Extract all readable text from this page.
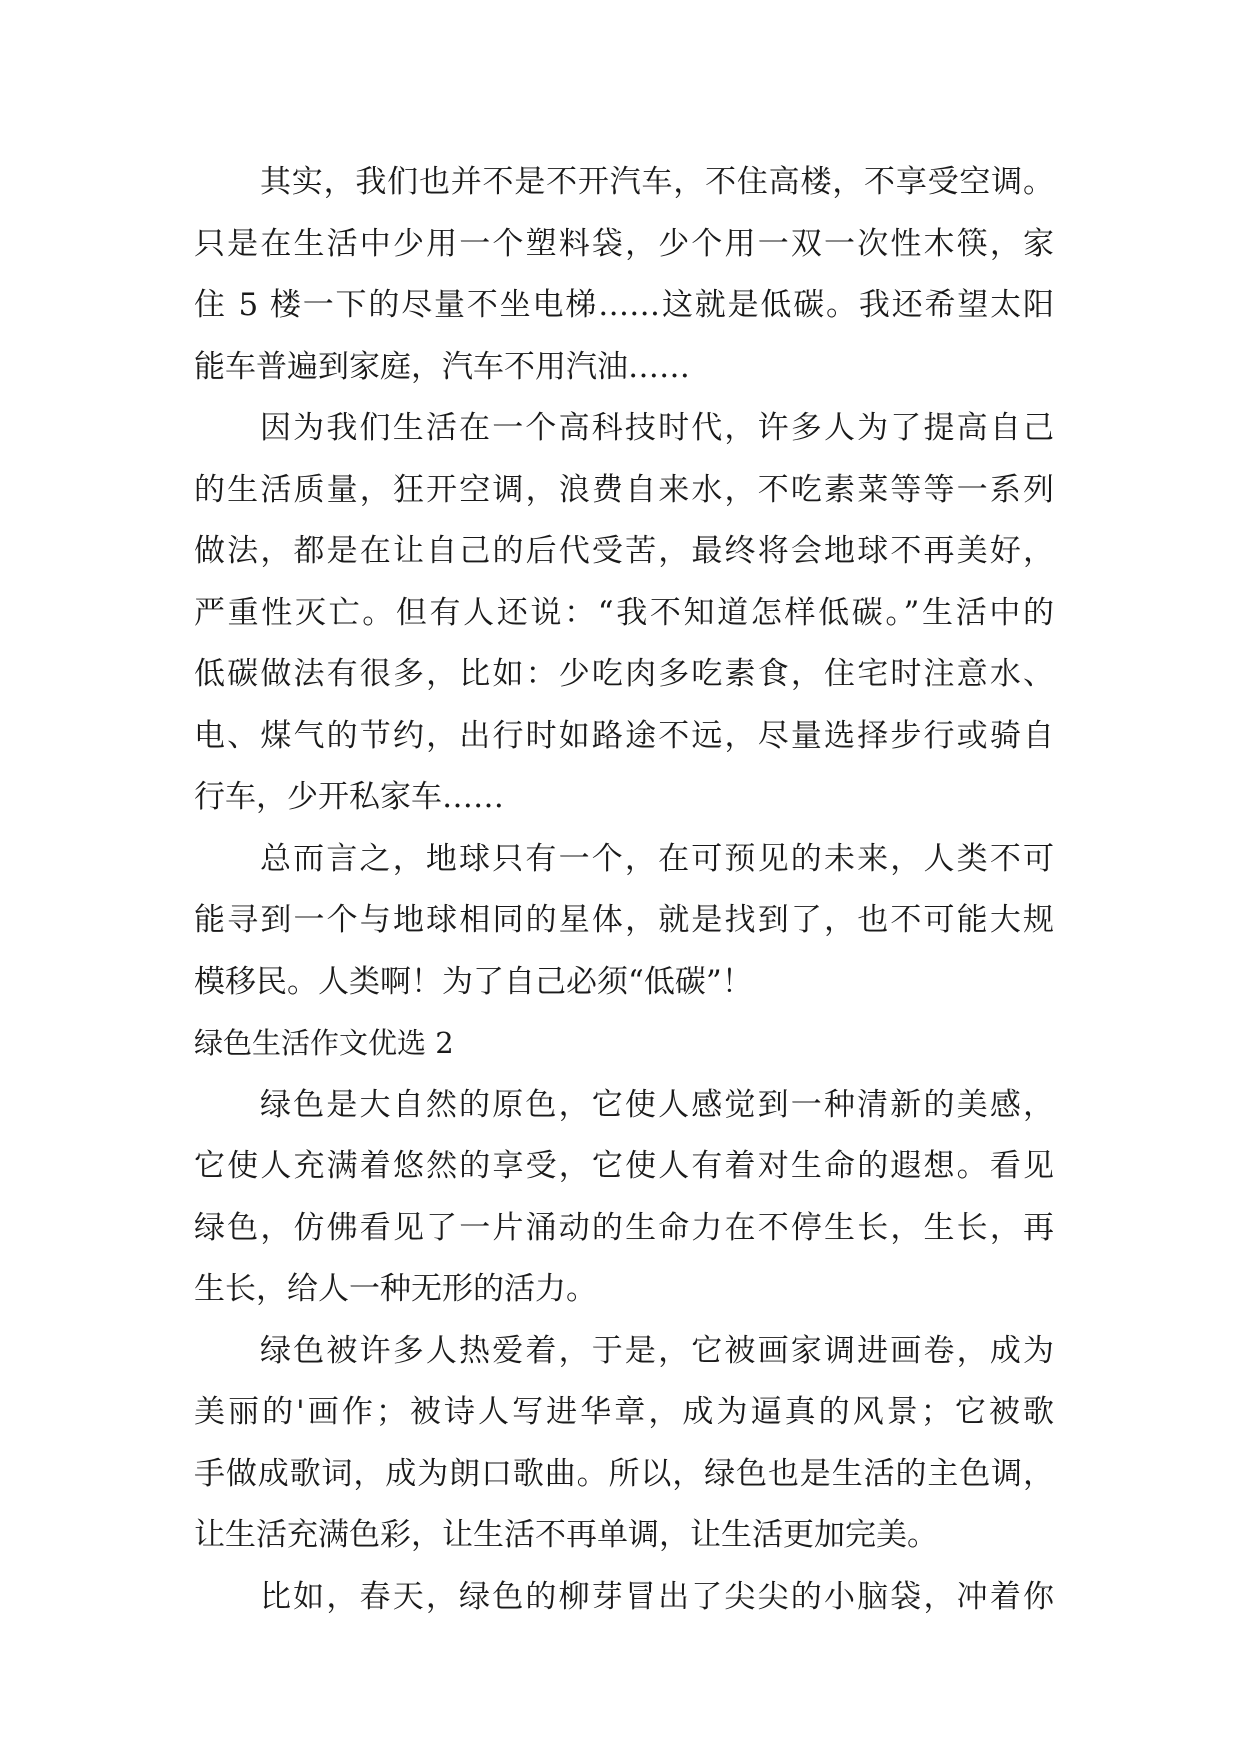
其实，我们也并不是不开汽车，不住高楼，不享受空调。
只是在生活中少用一个塑料袋，少个用一双一次性木筷，家
住 5 楼一下的尽量不坐电梯……这就是低碳。我还希望太阳
能车普遍到家庭，汽车不用汽油……
因为我们生活在一个高科技时代，许多人为了提高自己
的生活质量，狂开空调，浪费自来水，不吃素菜等等一系列
做法，都是在让自己的后代受苦，最终将会地球不再美好，
严重性灭亡。但有人还说：“我不知道怎样低碳。”生活中的
低碳做法有很多，比如：少吃肉多吃素食，住宅时注意水、
电、煤气的节约，出行时如路途不远，尽量选择步行或骑自
行车，少开私家车……
总而言之，地球只有一个，在可预见的未来，人类不可
能寻到一个与地球相同的星体，就是找到了，也不可能大规
模移民。人类啊！为了自己必须“低碳”！
绿色生活作文优选 2
绿色是大自然的原色，它使人感觉到一种清新的美感，
它使人充满着悠然的享受，它使人有着对生命的遐想。看见
绿色，仿佛看见了一片涌动的生命力在不停生长，生长，再
生长，给人一种无形的活力。
绿色被许多人热爱着，于是，它被画家调进画卷，成为
美丽的'画作；被诗人写进华章，成为逼真的风景；它被歌
手做成歌词，成为朗口歌曲。所以，绿色也是生活的主色调，
让生活充满色彩，让生活不再单调，让生活更加完美。
比如，春天，绿色的柳芽冒出了尖尖的小脑袋，冲着你
